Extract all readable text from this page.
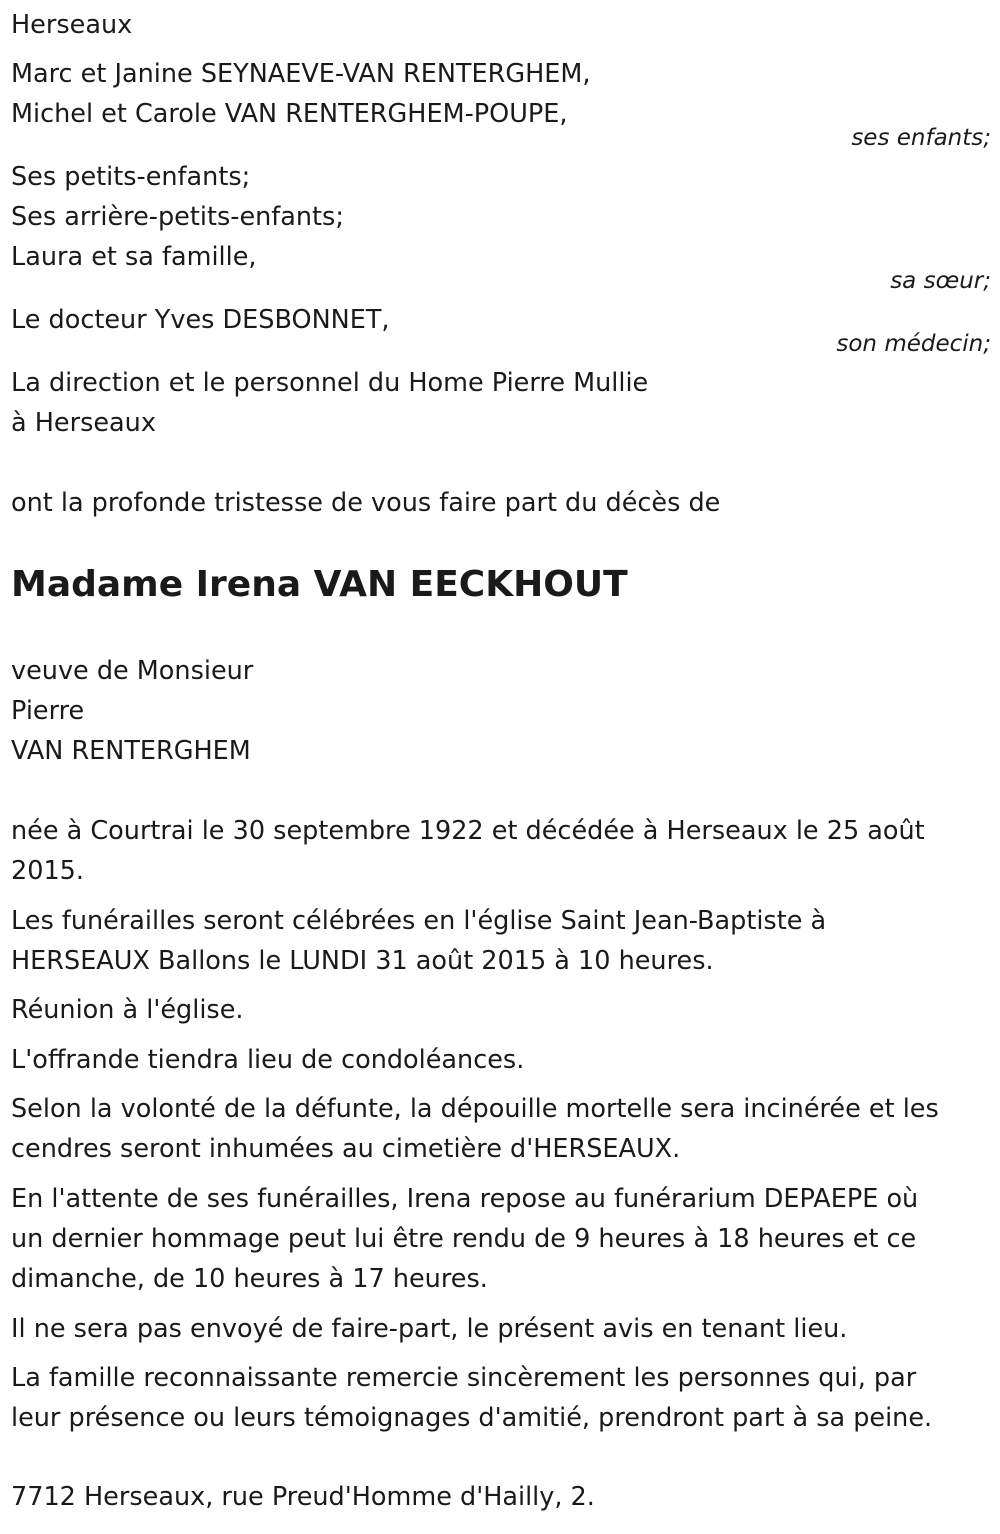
Herseaux
Marc et Janine SEYNAEVE-VAN RENTERGHEM,
Michel et Carole VAN RENTERGHEM-POUPE,
ses enfants;
Ses petits-enfants;
Ses arrière-petits-enfants;
Laura et sa famille,
sa sœur;
Le docteur Yves DESBONNET,
son médecin;
La direction et le personnel du Home Pierre Mullie
à Herseaux
ont la profonde tristesse de vous faire part du décès de
Madame Irena VAN EECKHOUT
veuve de Monsieur
Pierre
VAN RENTERGHEM
née à Courtrai le 30 septembre 1922 et décédée à Herseaux le 25 août
2015.
Les funérailles seront célébrées en l'église Saint Jean-Baptiste à
HERSEAUX Ballons le LUNDI 31 août 2015 à 10 heures.
Réunion à l'église.
L'offrande tiendra lieu de condoléances.
Selon la volonté de la défunte, la dépouille mortelle sera incinérée et les
cendres seront inhumées au cimetière d'HERSEAUX.
En l'attente de ses funérailles, Irena repose au funérarium DEPAEPE où
un dernier hommage peut lui être rendu de 9 heures à 18 heures et ce
dimanche, de 10 heures à 17 heures.
Il ne sera pas envoyé de faire-part, le présent avis en tenant lieu.
La famille reconnaissante remercie sincèrement les personnes qui, par
leur présence ou leurs témoignages d'amitié, prendront part à sa peine.
7712 Herseaux, rue Preud'Homme d'Hailly, 2.
